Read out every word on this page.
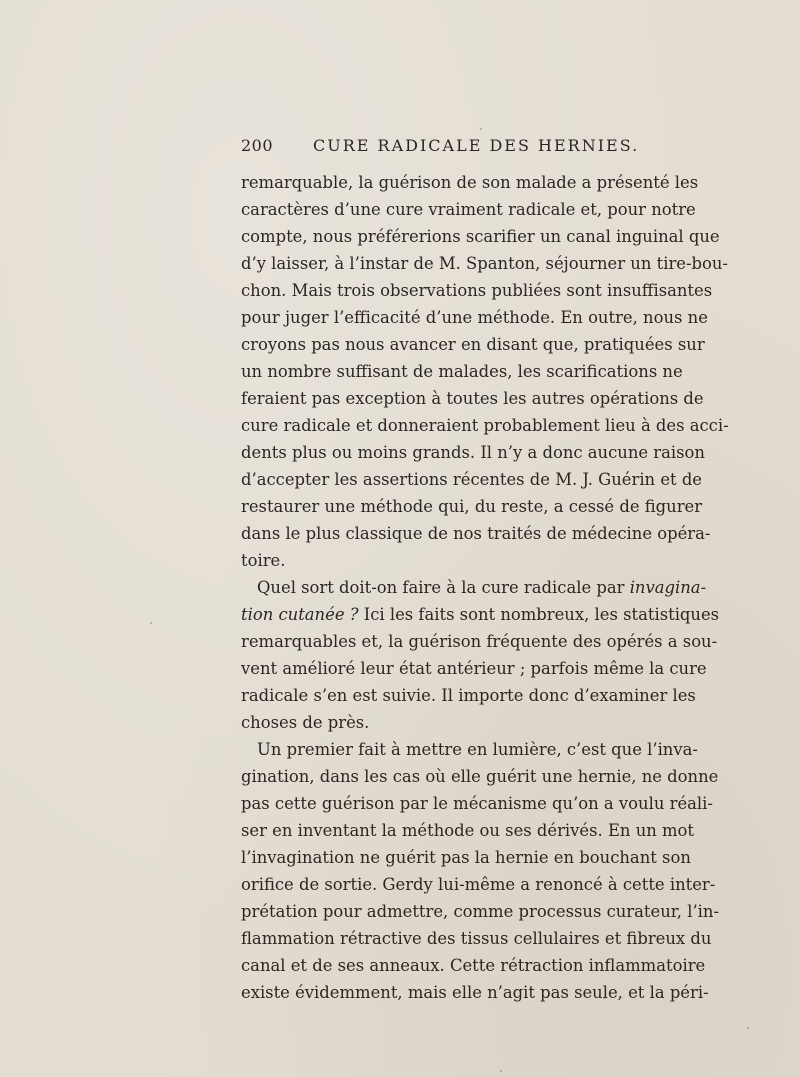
200 CURE RADICALE DES HERNIES.
remarquable, la guérison de son malade a présenté les
caractères d’une cure vraiment radicale et, pour notre
compte, nous préférerions scarifier un canal inguinal que
d’y laisser, à l’instar de M. Spanton, séjourner un tire-bou-
chon. Mais trois observations publiées sont insuffisantes
pour juger l’efficacité d’une méthode. En outre, nous ne
croyons pas nous avancer en disant que, pratiquées sur
un nombre suffisant de malades, les scarifications ne
feraient pas exception à toutes les autres opérations de
cure radicale et donneraient probablement lieu à des acci-
dents plus ou moins grands. Il n’y a donc aucune raison
d’accepter les assertions récentes de M. J. Guérin et de
restaurer une méthode qui, du reste, a cessé de figurer
dans le plus classique de nos traités de médecine opéra-
toire.
Quel sort doit-on faire à la cure radicale par invagina-
tion cutanée ? Ici les faits sont nombreux, les statistiques
remarquables et, la guérison fréquente des opérés a sou-
vent amélioré leur état antérieur ; parfois même la cure
radicale s’en est suivie. Il importe donc d’examiner les
choses de près.
Un premier fait à mettre en lumière, c’est que l’inva-
gination, dans les cas où elle guérit une hernie, ne donne
pas cette guérison par le mécanisme qu’on a voulu réali-
ser en inventant la méthode ou ses dérivés. En un mot
l’invagination ne guérit pas la hernie en bouchant son
orifice de sortie. Gerdy lui-même a renoncé à cette inter-
prétation pour admettre, comme processus curateur, l’in-
flammation rétractive des tissus cellulaires et fibreux du
canal et de ses anneaux. Cette rétraction inflammatoire
existe évidemment, mais elle n’agit pas seule, et la péri-
